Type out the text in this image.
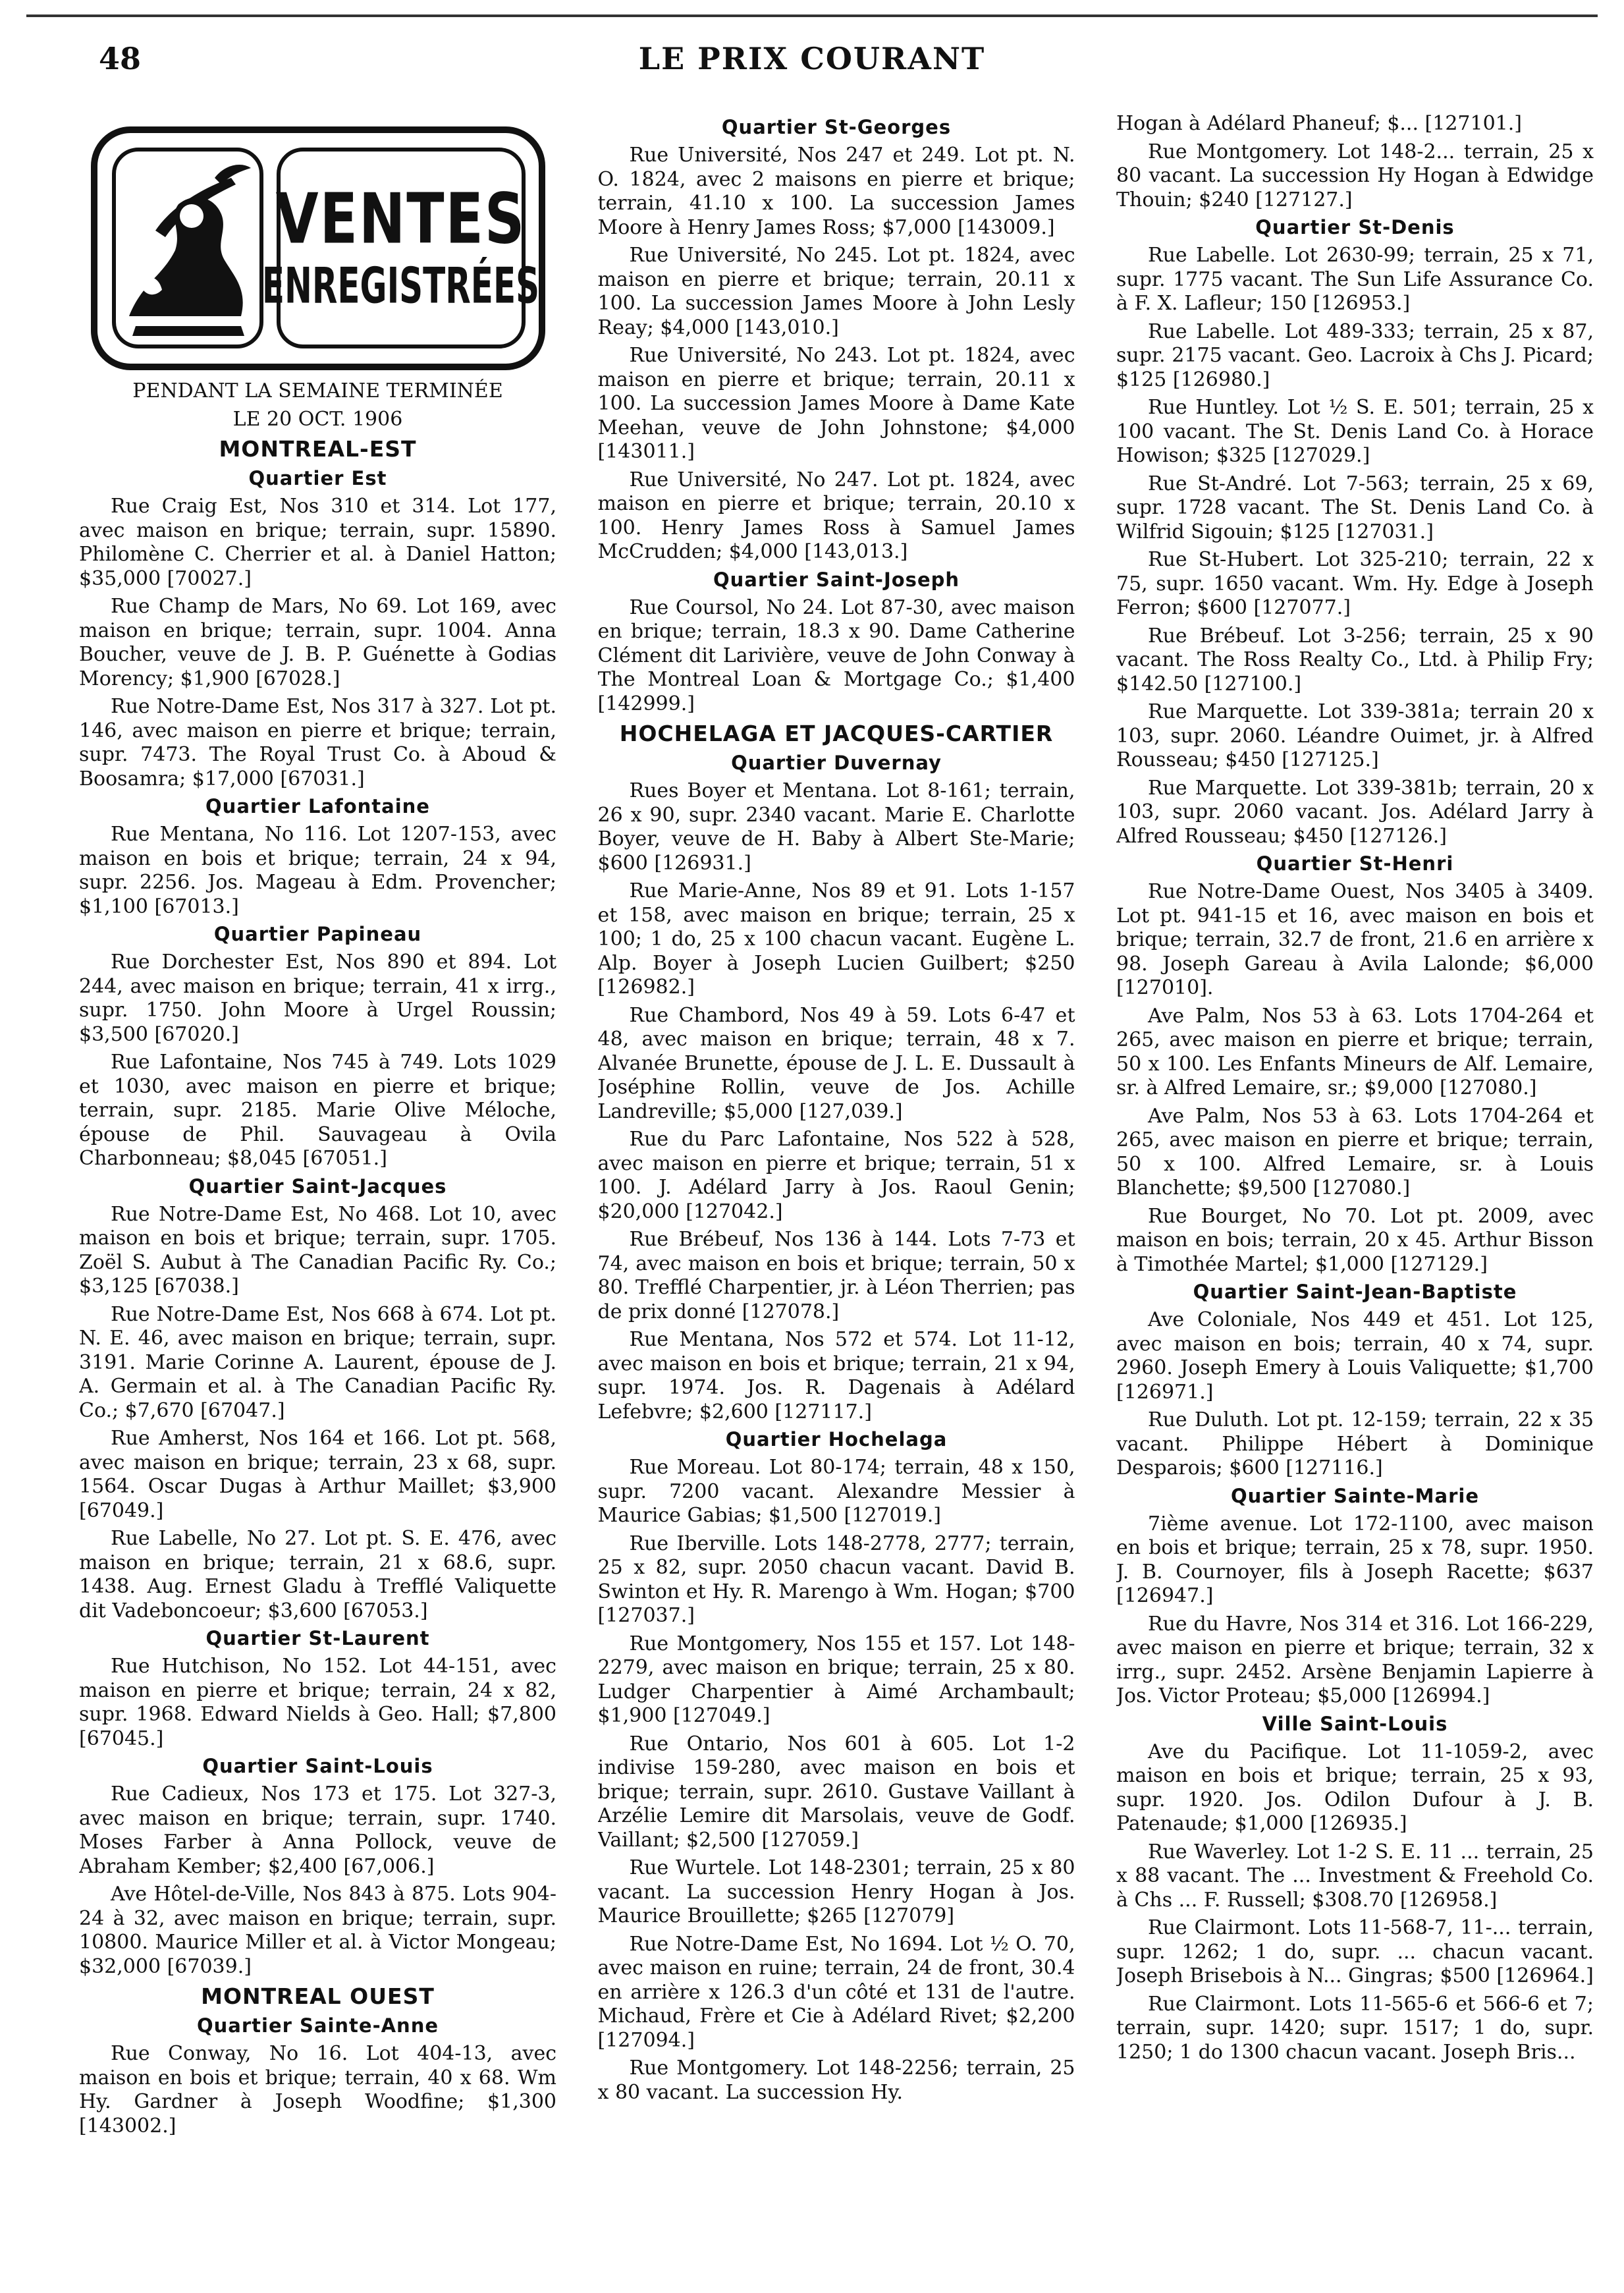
48	LE PRIX COURANT
VENTES
ENREGISTRÉES

PENDANT LA SEMAINE TERMINÉE

LE 20 OCT. 1906

MONTREAL-EST
Quartier Est

Rue Craig Est, Nos 310 et 314. Lot 177, avec maison en brique; terrain, supr. 15890. Philomène C. Cherrier et al. à Daniel Hatton; $35,000 [70027.]

Rue Champ de Mars, No 69. Lot 169, avec maison en brique; terrain, supr. 1004. Anna Boucher, veuve de J. B. P. Guénette à Godias Morency; $1,900 [67028.]

Rue Notre-Dame Est, Nos 317 à 327. Lot pt. 146, avec maison en pierre et brique; terrain, supr. 7473. The Royal Trust Co. à Aboud & Boosamra; $17,000 [67031.]

Quartier Lafontaine

Rue Mentana, No 116. Lot 1207-153, avec maison en bois et brique; terrain, 24 x 94, supr. 2256. Jos. Mageau à Edm. Provencher; $1,100 [67013.]

Quartier Papineau

Rue Dorchester Est, Nos 890 et 894. Lot 244, avec maison en brique; terrain, 41 x irrg., supr. 1750. John Moore à Urgel Roussin; $3,500 [67020.]

Rue Lafontaine, Nos 745 à 749. Lots 1029 et 1030, avec maison en pierre et brique; terrain, supr. 2185. Marie Olive Méloche, épouse de Phil. Sauvageau à Ovila Charbonneau; $8,045 [67051.]

Quartier Saint-Jacques

Rue Notre-Dame Est, No 468. Lot 10, avec maison en bois et brique; terrain, supr. 1705. Zoël S. Aubut à The Canadian Pacific Ry. Co.; $3,125 [67038.]

Rue Notre-Dame Est, Nos 668 à 674. Lot pt. N. E. 46, avec maison en brique; terrain, supr. 3191. Marie Corinne A. Laurent, épouse de J. A. Germain et al. à The Canadian Pacific Ry. Co.; $7,670 [67047.]

Rue Amherst, Nos 164 et 166. Lot pt. 568, avec maison en brique; terrain, 23 x 68, supr. 1564. Oscar Dugas à Arthur Maillet; $3,900 [67049.]

Rue Labelle, No 27. Lot pt. S. E. 476, avec maison en brique; terrain, 21 x 68.6, supr. 1438. Aug. Ernest Gladu à Trefflé Valiquette dit Vadeboncoeur; $3,600 [67053.]

Quartier St-Laurent

Rue Hutchison, No 152. Lot 44-151, avec maison en pierre et brique; terrain, 24 x 82, supr. 1968. Edward Nields à Geo. Hall; $7,800 [67045.]

Quartier Saint-Louis

Rue Cadieux, Nos 173 et 175. Lot 327-3, avec maison en brique; terrain, supr. 1740. Moses Farber à Anna Pollock, veuve de Abraham Kember; $2,400 [67,006.]

Ave Hôtel-de-Ville, Nos 843 à 875. Lots 904-24 à 32, avec maison en brique; terrain, supr. 10800. Maurice Miller et al. à Victor Mongeau; $32,000 [67039.]

MONTREAL OUEST
Quartier Sainte-Anne

Rue Conway, No 16. Lot 404-13, avec maison en bois et brique; terrain, 40 x 68. Wm Hy. Gardner à Joseph Woodfine; $1,300 [143002.]

Quartier St-Georges

Rue Université, Nos 247 et 249. Lot pt. N. O. 1824, avec 2 maisons en pierre et brique; terrain, 41.10 x 100. La succession James Moore à Henry James Ross; $7,000 [143009.]

Rue Université, No 245. Lot pt. 1824, avec maison en pierre et brique; terrain, 20.11 x 100. La succession James Moore à John Lesly Reay; $4,000 [143,010.]

Rue Université, No 243. Lot pt. 1824, avec maison en pierre et brique; terrain, 20.11 x 100. La succession James Moore à Dame Kate Meehan, veuve de John Johnstone; $4,000 [143011.]

Rue Université, No 247. Lot pt. 1824, avec maison en pierre et brique; terrain, 20.10 x 100. Henry James Ross à Samuel James McCrudden; $4,000 [143,013.]

Quartier Saint-Joseph

Rue Coursol, No 24. Lot 87-30, avec maison en brique; terrain, 18.3 x 90. Dame Catherine Clément dit Larivière, veuve de John Conway à The Montreal Loan & Mortgage Co.; $1,400 [142999.]

HOCHELAGA ET JACQUES-CARTIER
Quartier Duvernay

Rues Boyer et Mentana. Lot 8-161; terrain, 26 x 90, supr. 2340 vacant. Marie E. Charlotte Boyer, veuve de H. Baby à Albert Ste-Marie; $600 [126931.]

Rue Marie-Anne, Nos 89 et 91. Lots 1-157 et 158, avec maison en brique; terrain, 25 x 100; 1 do, 25 x 100 chacun vacant. Eugène L. Alp. Boyer à Joseph Lucien Guilbert; $250 [126982.]

Rue Chambord, Nos 49 à 59. Lots 6-47 et 48, avec maison en brique; terrain, 48 x 7. Alvanée Brunette, épouse de J. L. E. Dussault à Joséphine Rollin, veuve de Jos. Achille Landreville; $5,000 [127,039.]

Rue du Parc Lafontaine, Nos 522 à 528, avec maison en pierre et brique; terrain, 51 x 100. J. Adélard Jarry à Jos. Raoul Genin; $20,000 [127042.]

Rue Brébeuf, Nos 136 à 144. Lots 7-73 et 74, avec maison en bois et brique; terrain, 50 x 80. Trefflé Charpentier, jr. à Léon Therrien; pas de prix donné [127078.]

Rue Mentana, Nos 572 et 574. Lot 11-12, avec maison en bois et brique; terrain, 21 x 94, supr. 1974. Jos. R. Dagenais à Adélard Lefebvre; $2,600 [127117.]

Quartier Hochelaga

Rue Moreau. Lot 80-174; terrain, 48 x 150, supr. 7200 vacant. Alexandre Messier à Maurice Gabias; $1,500 [127019.]

Rue Iberville. Lots 148-2778, 2777; terrain, 25 x 82, supr. 2050 chacun vacant. David B. Swinton et Hy. R. Marengo à Wm. Hogan; $700 [127037.]

Rue Montgomery, Nos 155 et 157. Lot 148-2279, avec maison en brique; terrain, 25 x 80. Ludger Charpentier à Aimé Archambault; $1,900 [127049.]

Rue Ontario, Nos 601 à 605. Lot 1-2 indivise 159-280, avec maison en bois et brique; terrain, supr. 2610. Gustave Vaillant à Arzélie Lemire dit Marsolais, veuve de Godf. Vaillant; $2,500 [127059.]

Rue Wurtele. Lot 148-2301; terrain, 25 x 80 vacant. La succession Henry Hogan à Jos. Maurice Brouillette; $265 [127079]

Rue Notre-Dame Est, No 1694. Lot ½ O. 70, avec maison en ruine; terrain, 24 de front, 30.4 en arrière x 126.3 d'un côté et 131 de l'autre. Michaud, Frère et Cie à Adélard Rivet; $2,200 [127094.]

Rue Montgomery. Lot 148-2256; terrain, 25 x 80 vacant. La succession Hy.

Hogan à Adélard Phaneuf; $... [127101.]

Rue Montgomery. Lot 148-2... terrain, 25 x 80 vacant. La succession Hy Hogan à Edwidge Thouin; $240 [127127.]

Quartier St-Denis

Rue Labelle. Lot 2630-99; terrain, 25 x 71, supr. 1775 vacant. The Sun Life Assurance Co. à F. X. Lafleur; 150 [126953.]

Rue Labelle. Lot 489-333; terrain, 25 x 87, supr. 2175 vacant. Geo. Lacroix à Chs J. Picard; $125 [126980.]

Rue Huntley. Lot ½ S. E. 501; terrain, 25 x 100 vacant. The St. Denis Land Co. à Horace Howison; $325 [127029.]

Rue St-André. Lot 7-563; terrain, 25 x 69, supr. 1728 vacant. The St. Denis Land Co. à Wilfrid Sigouin; $125 [127031.]

Rue St-Hubert. Lot 325-210; terrain, 22 x 75, supr. 1650 vacant. Wm. Hy. Edge à Joseph Ferron; $600 [127077.]

Rue Brébeuf. Lot 3-256; terrain, 25 x 90 vacant. The Ross Realty Co., Ltd. à Philip Fry; $142.50 [127100.]

Rue Marquette. Lot 339-381a; terrain 20 x 103, supr. 2060. Léandre Ouimet, jr. à Alfred Rousseau; $450 [127125.]

Rue Marquette. Lot 339-381b; terrain, 20 x 103, supr. 2060 vacant. Jos. Adélard Jarry à Alfred Rousseau; $450 [127126.]

Quartier St-Henri

Rue Notre-Dame Ouest, Nos 3405 à 3409. Lot pt. 941-15 et 16, avec maison en bois et brique; terrain, 32.7 de front, 21.6 en arrière x 98. Joseph Gareau à Avila Lalonde; $6,000 [127010].

Ave Palm, Nos 53 à 63. Lots 1704-264 et 265, avec maison en pierre et brique; terrain, 50 x 100. Les Enfants Mineurs de Alf. Lemaire, sr. à Alfred Lemaire, sr.; $9,000 [127080.]

Ave Palm, Nos 53 à 63. Lots 1704-264 et 265, avec maison en pierre et brique; terrain, 50 x 100. Alfred Lemaire, sr. à Louis Blanchette; $9,500 [127080.]

Rue Bourget, No 70. Lot pt. 2009, avec maison en bois; terrain, 20 x 45. Arthur Bisson à Timothée Martel; $1,000 [127129.]

Quartier Saint-Jean-Baptiste

Ave Coloniale, Nos 449 et 451. Lot 125, avec maison en bois; terrain, 40 x 74, supr. 2960. Joseph Emery à Louis Valiquette; $1,700 [126971.]

Rue Duluth. Lot pt. 12-159; terrain, 22 x 35 vacant. Philippe Hébert à Dominique Desparois; $600 [127116.]

Quartier Sainte-Marie

7ième avenue. Lot 172-1100, avec maison en bois et brique; terrain, 25 x 78, supr. 1950. J. B. Cournoyer, fils à Joseph Racette; $637 [126947.]

Rue du Havre, Nos 314 et 316. Lot 166-229, avec maison en pierre et brique; terrain, 32 x irrg., supr. 2452. Arsène Benjamin Lapierre à Jos. Victor Proteau; $5,000 [126994.]

Ville Saint-Louis

Ave du Pacifique. Lot 11-1059-2, avec maison en bois et brique; terrain, 25 x 93, supr. 1920. Jos. Odilon Dufour à J. B. Patenaude; $1,000 [126935.]

Rue Waverley. Lot 1-2 S. E. 11 ... terrain, 25 x 88 vacant. The ... Investment & Freehold Co. à Chs ... F. Russell; $308.70 [126958.]

Rue Clairmont. Lots 11-568-7, 11-... terrain, supr. 1262; 1 do, supr. ... chacun vacant. Joseph Brisebois à N... Gingras; $500 [126964.]

Rue Clairmont. Lots 11-565-6 et 566-6 et 7; terrain, supr. 1420; supr. 1517; 1 do, supr. 1250; 1 do 1300 chacun vacant. Joseph Bris...
